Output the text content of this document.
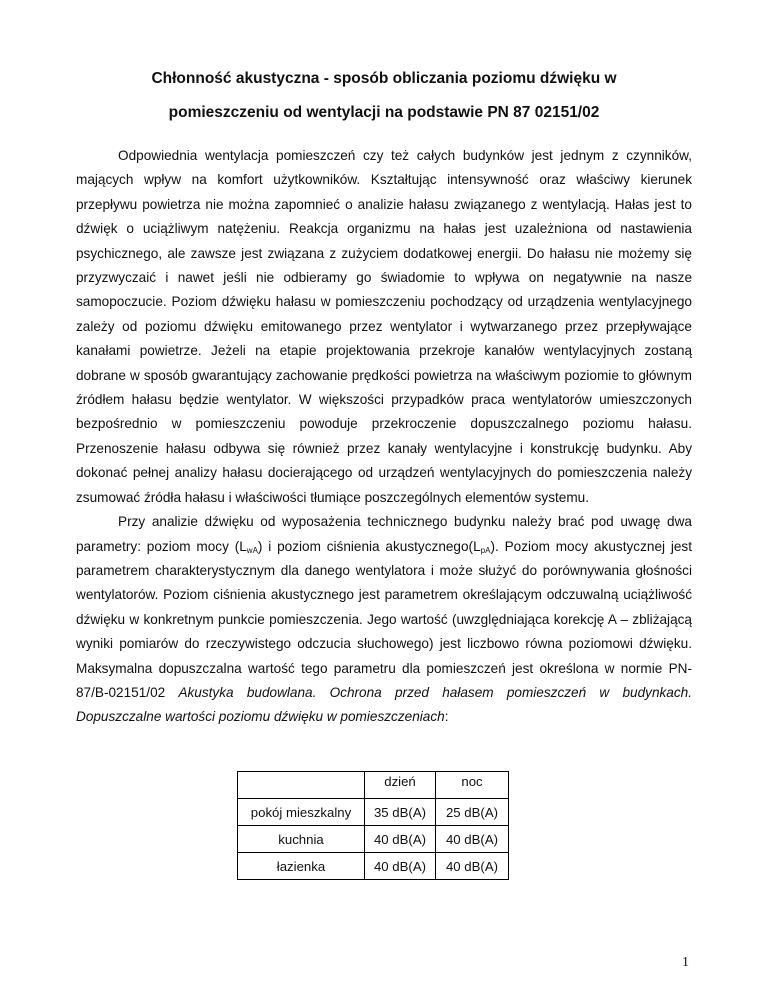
Chłonność akustyczna - sposób obliczania poziomu dźwięku w
pomieszczeniu od wentylacji na podstawie PN 87 02151/02

Odpowiednia wentylacja pomieszczeń czy też całych budynków jest jednym z czynników, mających wpływ na komfort użytkowników. Kształtując intensywność oraz właściwy kierunek przepływu powietrza nie można zapomnieć o analizie hałasu związanego z wentylacją. Hałas jest to dźwięk o uciążliwym natężeniu. Reakcja organizmu na hałas jest uzależniona od nastawienia psychicznego, ale zawsze jest związana z zużyciem dodatkowej energii. Do hałasu nie możemy się przyzwyczaić i nawet jeśli nie odbieramy go świadomie to wpływa on negatywnie na nasze samopoczucie. Poziom dźwięku hałasu w pomieszczeniu pochodzący od urządzenia wentylacyjnego zależy od poziomu dźwięku emitowanego przez wentylator i wytwarzanego przez przepływające kanałami powietrze. Jeżeli na etapie projektowania przekroje kanałów wentylacyjnych zostaną dobrane w sposób gwarantujący zachowanie prędkości powietrza na właściwym poziomie to głównym źródłem hałasu będzie wentylator. W większości przypadków praca wentylatorów umieszczonych bezpośrednio w pomieszczeniu powoduje przekroczenie dopuszczalnego poziomu hałasu. Przenoszenie hałasu odbywa się również przez kanały wentylacyjne i konstrukcję budynku. Aby dokonać pełnej analizy hałasu docierającego od urządzeń wentylacyjnych do pomieszczenia należy zsumować źródła hałasu i właściwości tłumiące poszczególnych elementów systemu.

Przy analizie dźwięku od wyposażenia technicznego budynku należy brać pod uwagę dwa parametry: poziom mocy $(L_{wA})$ i poziom ciśnienia $akustycznego(L_{pA})$. Poziom mocy akustycznej jest parametrem charakterystycznym dla danego wentylatora i może służyć do porównywania głośności wentylatorów. Poziom ciśnienia akustycznego jest parametrem określającym odczuwalną uciążliwość dźwięku w konkretnym punkcie pomieszczenia. Jego wartość (uwzględniająca korekcję A – zbliżającą wyniki pomiarów do rzeczywistego odczucia słuchowego) jest liczbowo równa poziomowi dźwięku. Maksymalna dopuszczalna wartość tego parametru dla pomieszczeń jest określona w normie PN-87/B-02151/02 Akustyka budowlana. Ochrona przed hałasem pomieszczeń w budynkach. Dopuszczalne wartości poziomu dźwięku w pomieszczeniach:

	dzień	noc
pokój mieszkalny	35 dB(A)	25 dB(A)
kuchnia	40 dB(A)	40 dB(A)
łazienka	40 dB(A)	40 dB(A)
1
